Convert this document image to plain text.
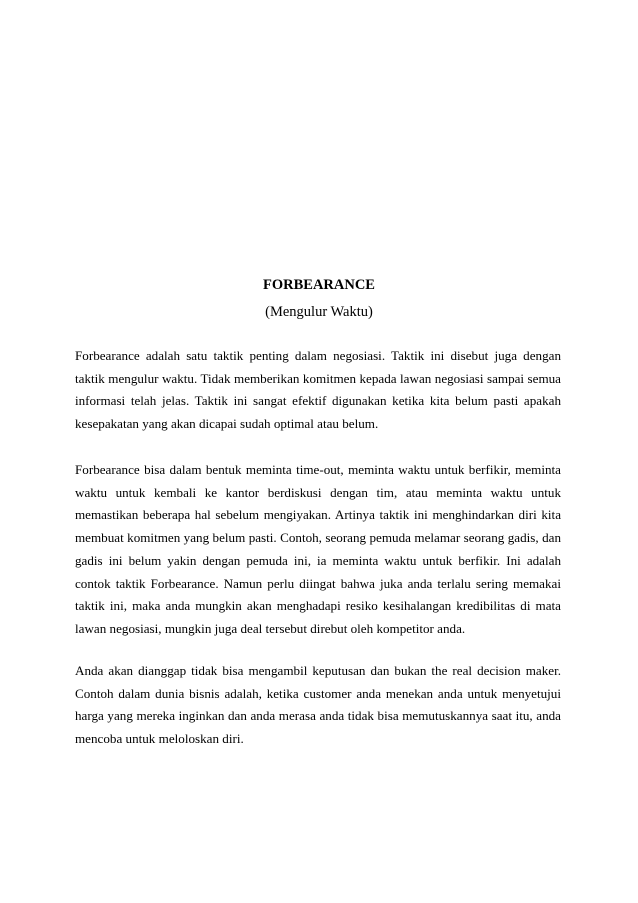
FORBEARANCE
(Mengulur Waktu)

Forbearance adalah satu taktik penting dalam negosiasi. Taktik ini disebut juga dengan taktik mengulur waktu. Tidak memberikan komitmen kepada lawan negosiasi sampai semua informasi telah jelas. Taktik ini sangat efektif digunakan ketika kita belum pasti apakah kesepakatan yang akan dicapai sudah optimal atau belum.

Forbearance bisa dalam bentuk meminta time-out, meminta waktu untuk berfikir, meminta waktu untuk kembali ke kantor berdiskusi dengan tim, atau meminta waktu untuk memastikan beberapa hal sebelum mengiyakan. Artinya taktik ini menghindarkan diri kita membuat komitmen yang belum pasti. Contoh, seorang pemuda melamar seorang gadis, dan gadis ini belum yakin dengan pemuda ini, ia meminta waktu untuk berfikir. Ini adalah contok taktik Forbearance. Namun perlu diingat bahwa juka anda terlalu sering memakai taktik ini, maka anda mungkin akan menghadapi resiko kesihalangan kredibilitas di mata lawan negosiasi, mungkin juga deal tersebut direbut oleh kompetitor anda.

Anda akan dianggap tidak bisa mengambil keputusan dan bukan the real decision maker. Contoh dalam dunia bisnis adalah, ketika customer anda menekan anda untuk menyetujui harga yang mereka inginkan dan anda merasa anda tidak bisa memutuskannya saat itu, anda mencoba untuk meloloskan diri.
